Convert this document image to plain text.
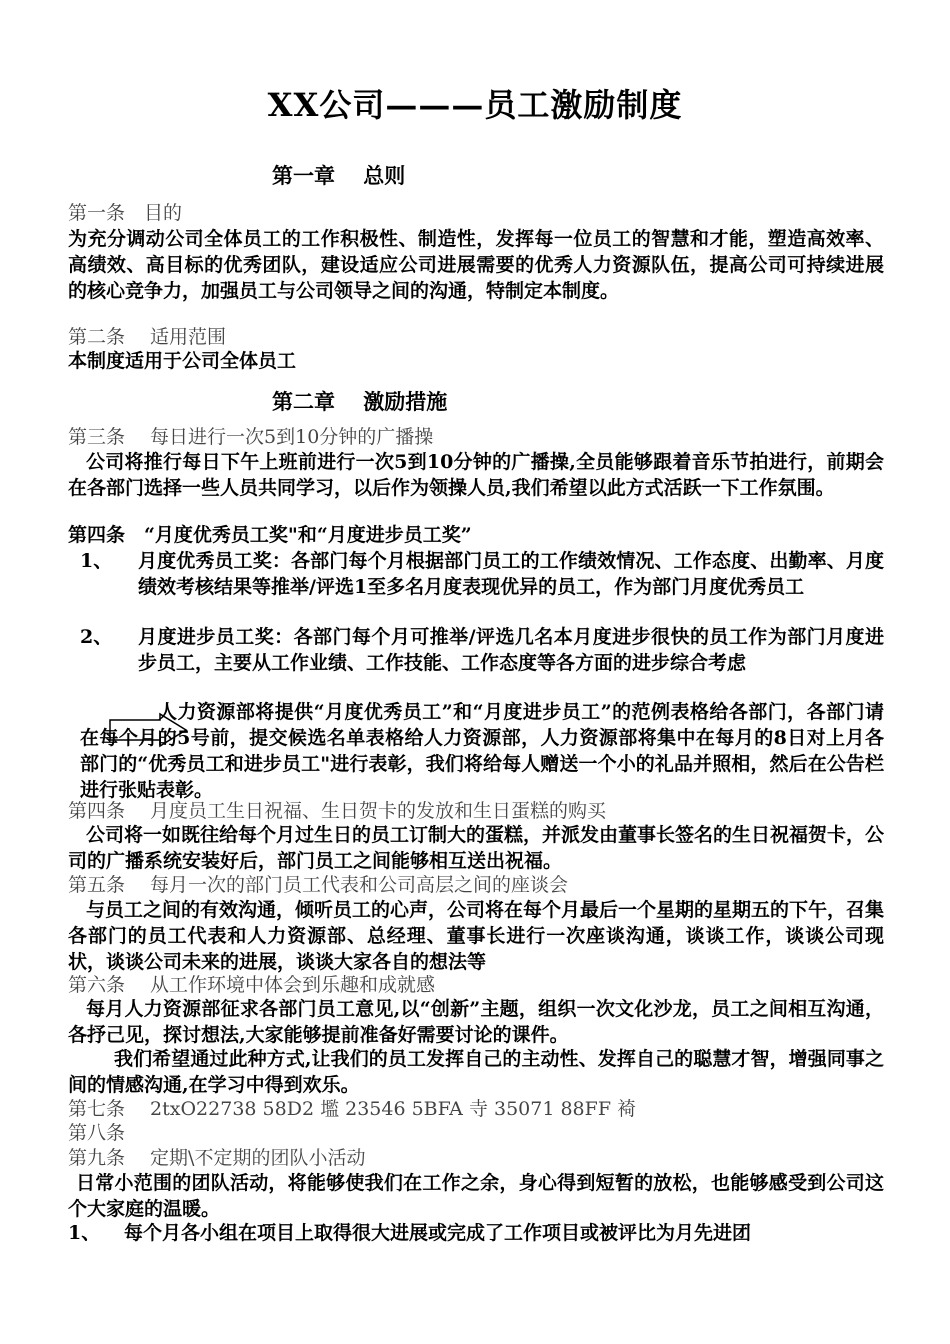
XX公司———员工激励制度
第一章　 总则
第一条　目的
为充分调动公司全体员工的工作积极性、制造性，发挥每一位员工的智慧和才能，塑造高效率、高绩效、高目标的优秀团队，建设适应公司进展需要的优秀人力资源队伍，提高公司可持续进展的核心竞争力，加强员工与公司领导之间的沟通，特制定本制度。
第二条　 适用范围
本制度适用于公司全体员工
第二章　 激励措施
第三条　 每日进行一次5到10分钟的广播操
公司将推行每日下午上班前进行一次5到10分钟的广播操,全员能够跟着音乐节拍进行，前期会在各部门选择一些人员共同学习，以后作为领操人员,我们希望以此方式活跃一下工作氛围。
第四条　“月度优秀员工奖"和“月度进步员工奖”
1、 月度优秀员工奖：各部门每个月根据部门员工的工作绩效情况、工作态度、出勤率、月度绩效考核结果等推举/评选1至多名月度表现优异的员工，作为部门月度优秀员工
2、 月度进步员工奖：各部门每个月可推举/评选几名本月度进步很快的员工作为部门月度进步员工，主要从工作业绩、工作技能、工作态度等各方面的进步综合考虑
人力资源部将提供“月度优秀员工”和“月度进步员工”的范例表格给各部门，各部门请在每个月的5号前，提交候选名单表格给人力资源部，人力资源部将集中在每月的8日对上月各部门的“优秀员工和进步员工"进行表彰，我们将给每人赠送一个小的礼品并照相，然后在公告栏进行张贴表彰。
第四条　 月度员工生日祝福、生日贺卡的发放和生日蛋糕的购买
公司将一如既往给每个月过生日的员工订制大的蛋糕，并派发由董事长签名的生日祝福贺卡，公司的广播系统安装好后，部门员工之间能够相互送出祝福。
第五条　 每月一次的部门员工代表和公司高层之间的座谈会
与员工之间的有效沟通，倾听员工的心声，公司将在每个月最后一个星期的星期五的下午，召集各部门的员工代表和人力资源部、总经理、董事长进行一次座谈沟通，谈谈工作，谈谈公司现状，谈谈公司未来的进展，谈谈大家各自的想法等
第六条　 从工作环境中体会到乐趣和成就感
每月人力资源部征求各部门员工意见,以“创新”主题，组织一次文化沙龙，员工之间相互沟通，各抒己见，探讨想法,大家能够提前准备好需要讨论的课件。
我们希望通过此种方式,让我们的员工发挥自己的主动性、发挥自己的聪慧才智，增强同事之间的情感沟通,在学习中得到欢乐。
第七条　 2txO22738 58D2 壏 23546 5BFA 寺 35071 88FF 裿
第八条
第九条　 定期\不定期的团队小活动
日常小范围的团队活动，将能够使我们在工作之余，身心得到短暂的放松，也能够感受到公司这个大家庭的温暖。
1、 每个月各小组在项目上取得很大进展或完成了工作项目或被评比为月先进团
